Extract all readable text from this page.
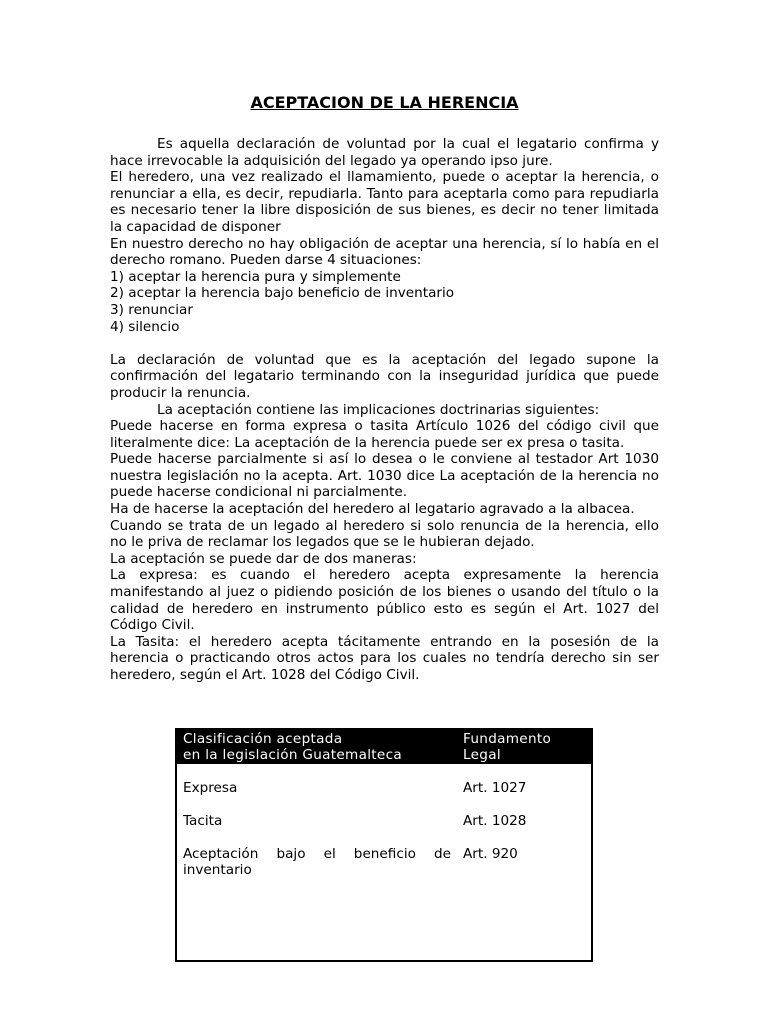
ACEPTACION DE LA HERENCIA

Es aquella declaración de voluntad por la cual el legatario confirma y hace irrevocable la adquisición del legado ya operando ipso jure.

El heredero, una vez realizado el llamamiento, puede o aceptar la herencia, o renunciar a ella, es decir, repudiarla. Tanto para aceptarla como para repudiarla es necesario tener la libre disposición de sus bienes, es decir no tener limitada la capacidad de disponer

En nuestro derecho no hay obligación de aceptar una herencia, sí lo había en el derecho romano. Pueden darse 4 situaciones:

1) aceptar la herencia pura y simplemente

2) aceptar la herencia bajo beneficio de inventario

3) renunciar

4) silencio

La declaración de voluntad que es la aceptación del legado supone la confirmación del legatario terminando con la inseguridad jurídica que puede producir la renuncia.

La aceptación contiene las implicaciones doctrinarias siguientes:

Puede hacerse en forma expresa o tasita Artículo 1026 del código civil que literalmente dice: La aceptación de la herencia puede ser ex presa o tasita.

Puede hacerse parcialmente si así lo desea o le conviene al testador Art 1030 nuestra legislación no la acepta. Art. 1030 dice La aceptación de la herencia no puede hacerse condicional ni parcialmente.

Ha de hacerse la aceptación del heredero al legatario agravado a la albacea.

Cuando se trata de un legado al heredero si solo renuncia de la herencia, ello no le priva de reclamar los legados que se le hubieran dejado.

La aceptación se puede dar de dos maneras:

La expresa: es cuando el heredero acepta expresamente la herencia manifestando al juez o pidiendo posición de los bienes o usando del título o la calidad de heredero en instrumento público esto es según el Art. 1027 del Código Civil.

La Tasita: el heredero acepta tácitamente entrando en la posesión de la herencia o practicando otros actos para los cuales no tendría derecho sin ser heredero, según el Art. 1028 del Código Civil.

Clasificación aceptada
en la legislación Guatemalteca
Fundamento
Legal
Expresa	Art. 1027
Tacita	Art. 1028
Aceptación bajo el beneficio de inventario
Art. 920
